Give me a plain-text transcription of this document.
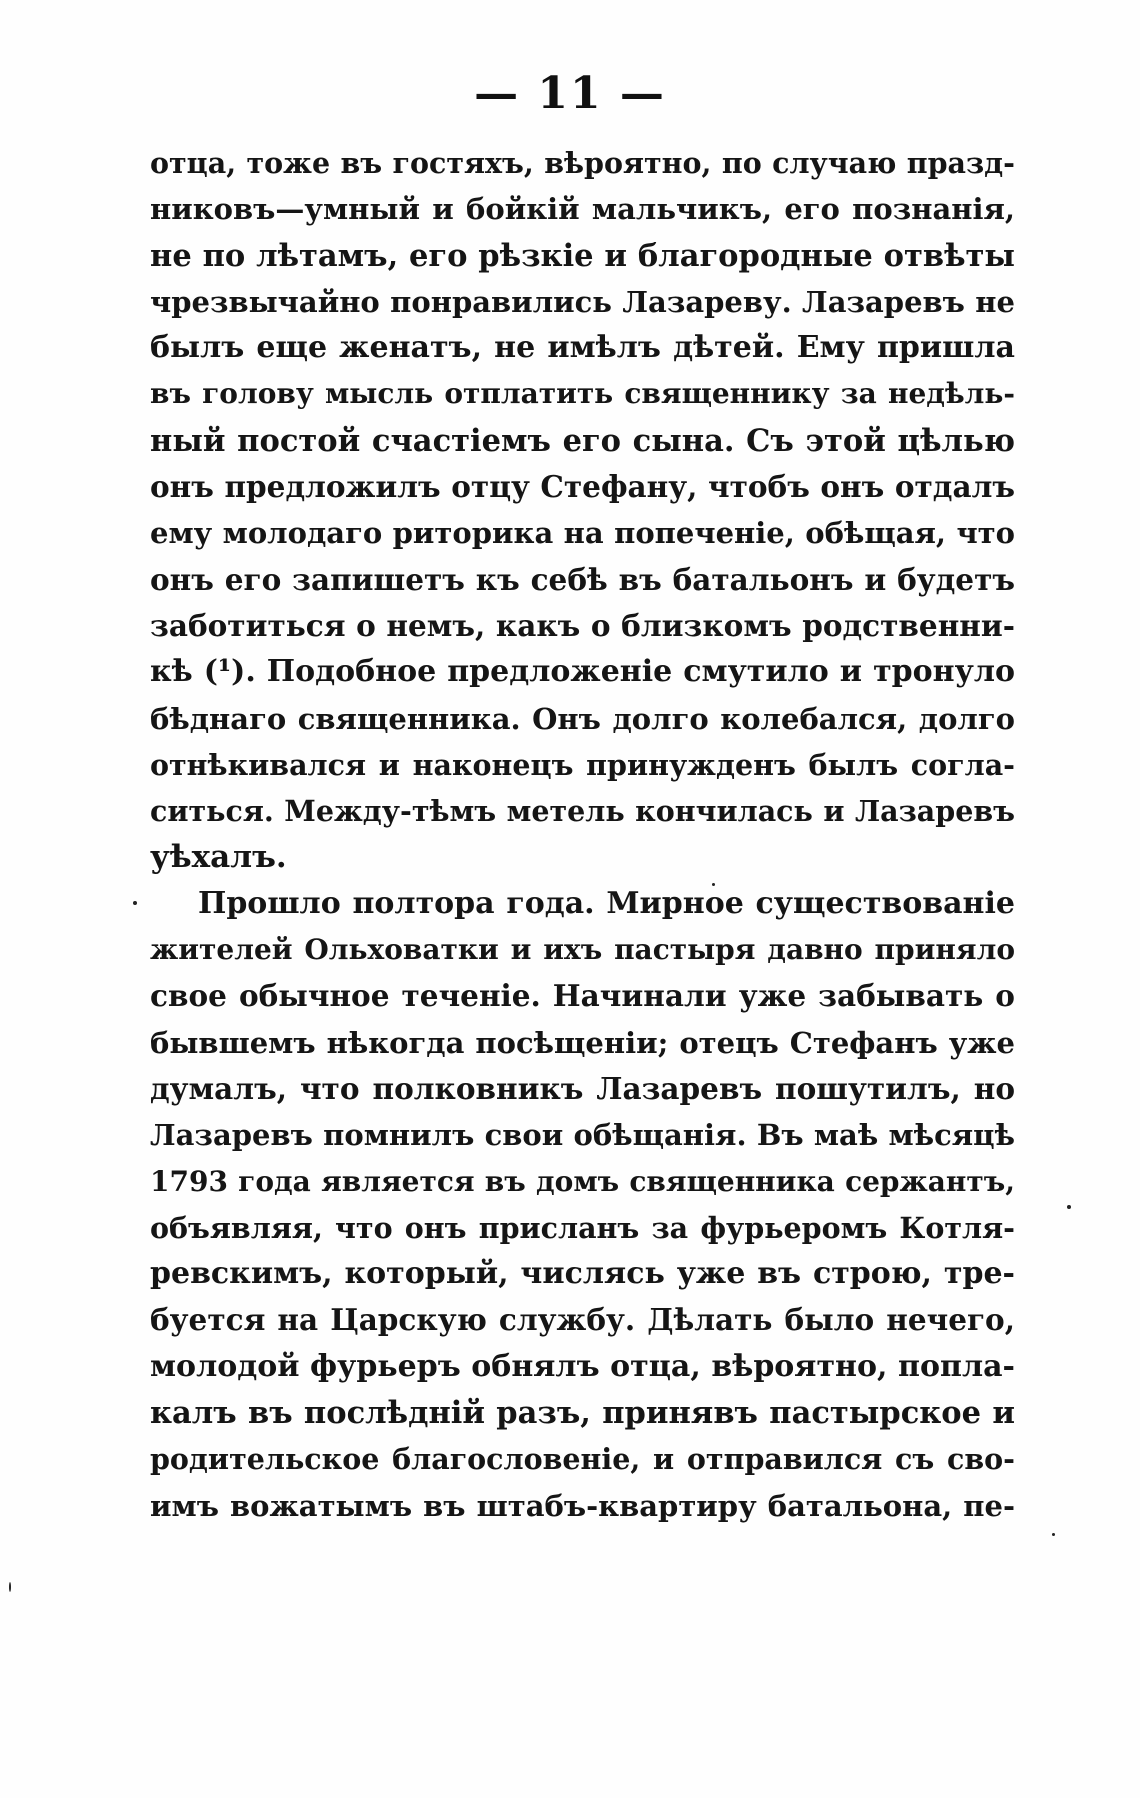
— 11 —
отца, тоже въ гостяхъ, вѣроятно, по случаю празд-
никовъ—умный и бойкій мальчикъ, его познанія,
не по лѣтамъ, его рѣзкіе и благородные отвѣты
чрезвычайно понравились Лазареву. Лазаревъ не
былъ еще женатъ, не имѣлъ дѣтей. Ему пришла
въ голову мысль отплатить священнику за недѣль-
ный постой счастіемъ его сына. Съ этой цѣлью
онъ предложилъ отцу Стефану, чтобъ онъ отдалъ
ему молодаго риторика на попеченіе, обѣщая, что
онъ его запишетъ къ себѣ въ батальонъ и будетъ
заботиться о немъ, какъ о близкомъ родственни-
кѣ (¹). Подобное предложеніе смутило и тронуло
бѣднаго священника. Онъ долго колебался, долго
отнѣкивался и наконецъ принужденъ былъ согла-
ситься. Между-тѣмъ метель кончилась и Лазаревъ
уѣхалъ.
Прошло полтора года. Мирное существованіе
жителей Ольховатки и ихъ пастыря давно приняло
свое обычное теченіе. Начинали уже забывать о
бывшемъ нѣкогда посѣщеніи; отецъ Стефанъ уже
думалъ, что полковникъ Лазаревъ пошутилъ, но
Лазаревъ помнилъ свои обѣщанія. Въ маѣ мѣсяцѣ
1793 года является въ домъ священника сержантъ,
объявляя, что онъ присланъ за фурьеромъ Котля-
ревскимъ, который, числясь уже въ строю, тре-
буется на Царскую службу. Дѣлать было нечего,
молодой фурьеръ обнялъ отца, вѣроятно, попла-
калъ въ послѣдній разъ, принявъ пастырское и
родительское благословеніе, и отправился съ сво-
имъ вожатымъ въ штабъ-квартиру батальона, пе-
